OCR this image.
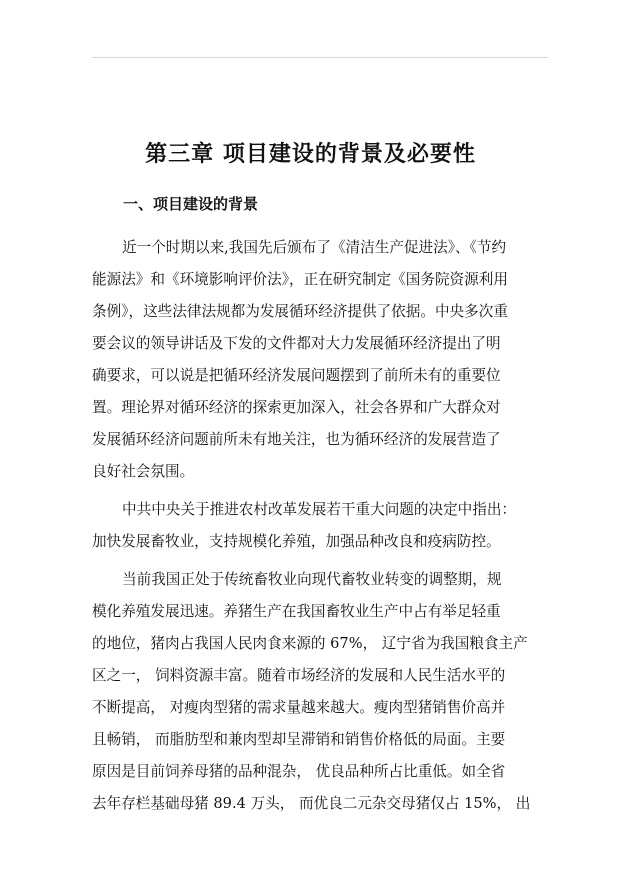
第三章 项目建设的背景及必要性
一、项目建设的背景
近一个时期以来,我国先后颁布了《清洁生产促进法》、《节约
能源法》和《环境影响评价法》，正在研究制定《国务院资源利用
条例》，这些法律法规都为发展循环经济提供了依据。中央多次重
要会议的领导讲话及下发的文件都对大力发展循环经济提出了明
确要求，可以说是把循环经济发展问题摆到了前所未有的重要位
置。理论界对循环经济的探索更加深入，社会各界和广大群众对
发展循环经济问题前所未有地关注，也为循环经济的发展营造了
良好社会氛围。
中共中央关于推进农村改革发展若干重大问题的决定中指出：
加快发展畜牧业，支持规模化养殖，加强品种改良和疫病防控。
当前我国正处于传统畜牧业向现代畜牧业转变的调整期，规
模化养殖发展迅速。养猪生产在我国畜牧业生产中占有举足轻重
的地位，猪肉占我国人民肉食来源的 67%， 辽宁省为我国粮食主产
区之一， 饲料资源丰富。随着市场经济的发展和人民生活水平的
不断提高， 对瘦肉型猪的需求量越来越大。瘦肉型猪销售价高并
且畅销， 而脂肪型和兼肉型却呈滞销和销售价格低的局面。主要
原因是目前饲养母猪的品种混杂， 优良品种所占比重低。如全省
去年存栏基础母猪 89.4 万头， 而优良二元杂交母猪仅占 15%， 出
